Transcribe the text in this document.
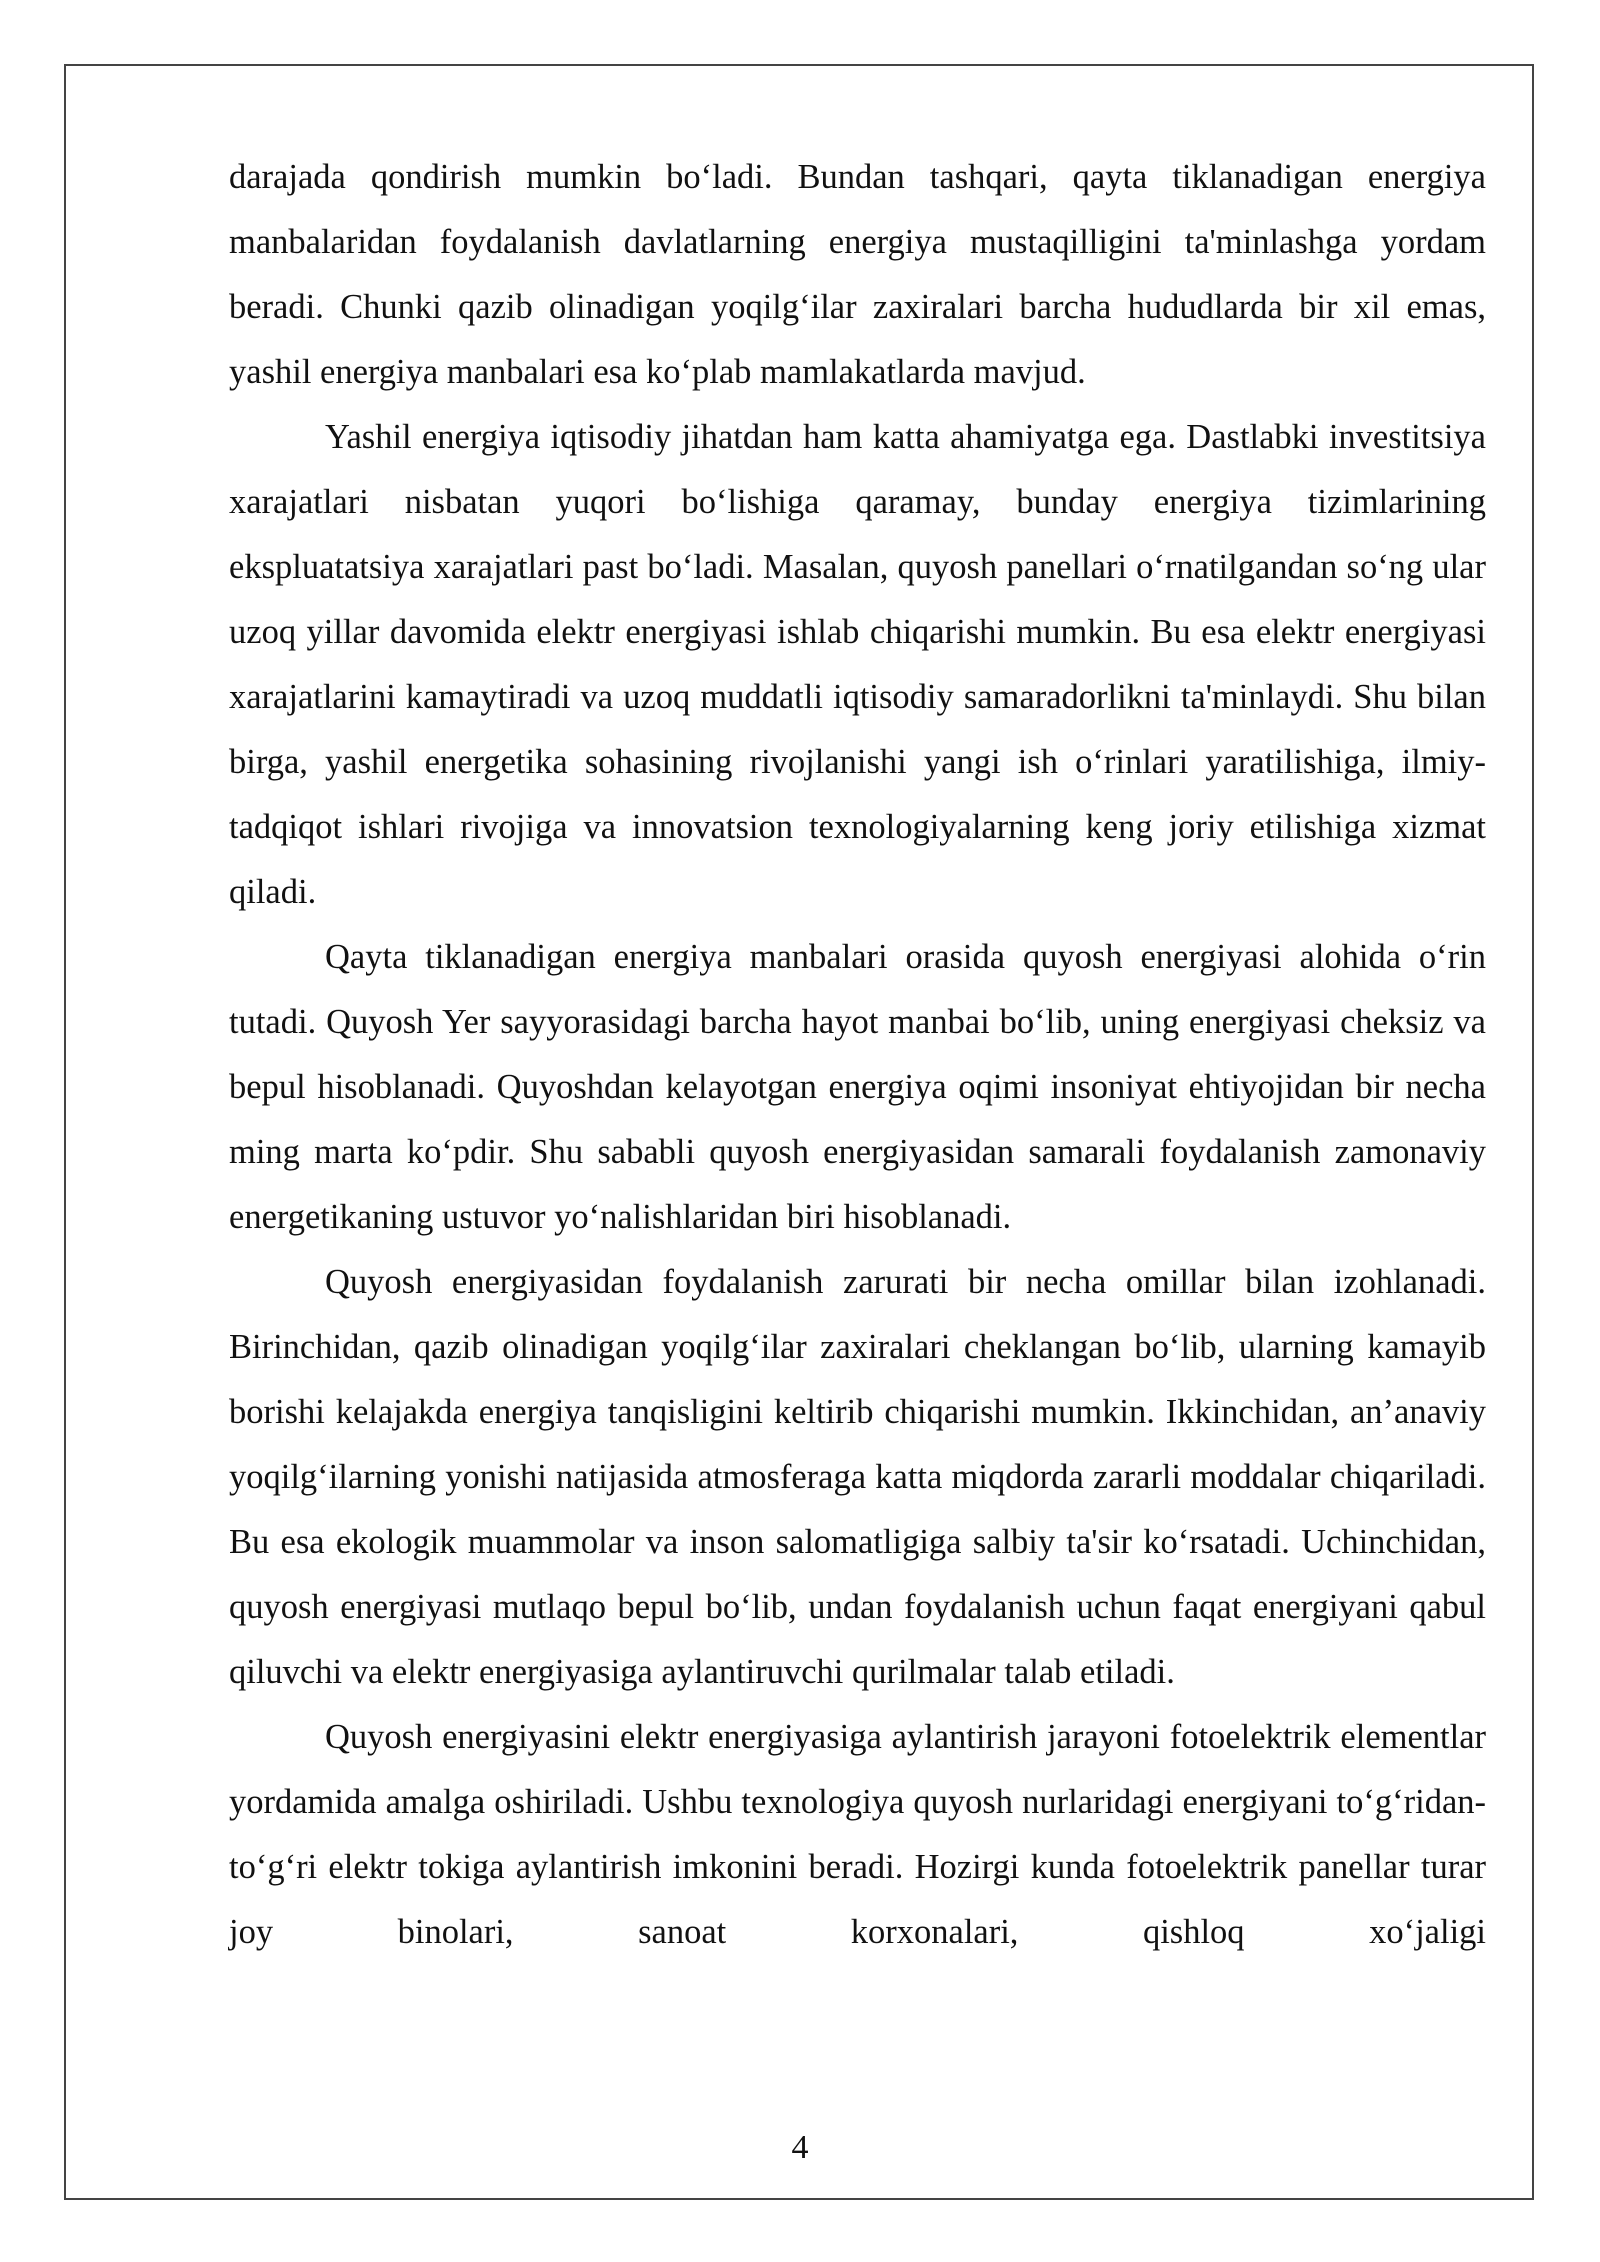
darajada qondirish mumkin bo‘ladi. Bundan tashqari, qayta tiklanadigan energiya manbalaridan foydalanish davlatlarning energiya mustaqilligini ta'minlashga yordam beradi. Chunki qazib olinadigan yoqilg‘ilar zaxiralari barcha hududlarda bir xil emas, yashil energiya manbalari esa ko‘plab mamlakatlarda mavjud.

Yashil energiya iqtisodiy jihatdan ham katta ahamiyatga ega. Dastlabki investitsiya xarajatlari nisbatan yuqori bo‘lishiga qaramay, bunday energiya tizimlarining ekspluatatsiya xarajatlari past bo‘ladi. Masalan, quyosh panellari o‘rnatilgandan so‘ng ular uzoq yillar davomida elektr energiyasi ishlab chiqarishi mumkin. Bu esa elektr energiyasi xarajatlarini kamaytiradi va uzoq muddatli iqtisodiy samaradorlikni ta'minlaydi. Shu bilan birga, yashil energetika sohasining rivojlanishi yangi ish o‘rinlari yaratilishiga, ilmiy-tadqiqot ishlari rivojiga va innovatsion texnologiyalarning keng joriy etilishiga xizmat qiladi.

Qayta tiklanadigan energiya manbalari orasida quyosh energiyasi alohida o‘rin tutadi. Quyosh Yer sayyorasidagi barcha hayot manbai bo‘lib, uning energiyasi cheksiz va bepul hisoblanadi. Quyoshdan kelayotgan energiya oqimi insoniyat ehtiyojidan bir necha ming marta ko‘pdir. Shu sababli quyosh energiyasidan samarali foydalanish zamonaviy energetikaning ustuvor yo‘nalishlaridan biri hisoblanadi.

Quyosh energiyasidan foydalanish zarurati bir necha omillar bilan izohlanadi. Birinchidan, qazib olinadigan yoqilg‘ilar zaxiralari cheklangan bo‘lib, ularning kamayib borishi kelajakda energiya tanqisligini keltirib chiqarishi mumkin. Ikkinchidan, an’anaviy yoqilg‘ilarning yonishi natijasida atmosferaga katta miqdorda zararli moddalar chiqariladi. Bu esa ekologik muammolar va inson salomatligiga salbiy ta'sir ko‘rsatadi. Uchinchidan, quyosh energiyasi mutlaqo bepul bo‘lib, undan foydalanish uchun faqat energiyani qabul qiluvchi va elektr energiyasiga aylantiruvchi qurilmalar talab etiladi.

Quyosh energiyasini elektr energiyasiga aylantirish jarayoni fotoelektrik elementlar yordamida amalga oshiriladi. Ushbu texnologiya quyosh nurlaridagi energiyani to‘g‘ridan-to‘g‘ri elektr tokiga aylantirish imkonini beradi. Hozirgi kunda fotoelektrik panellar turar joy binolari, sanoat korxonalari, qishloq xo‘jaligi

4
